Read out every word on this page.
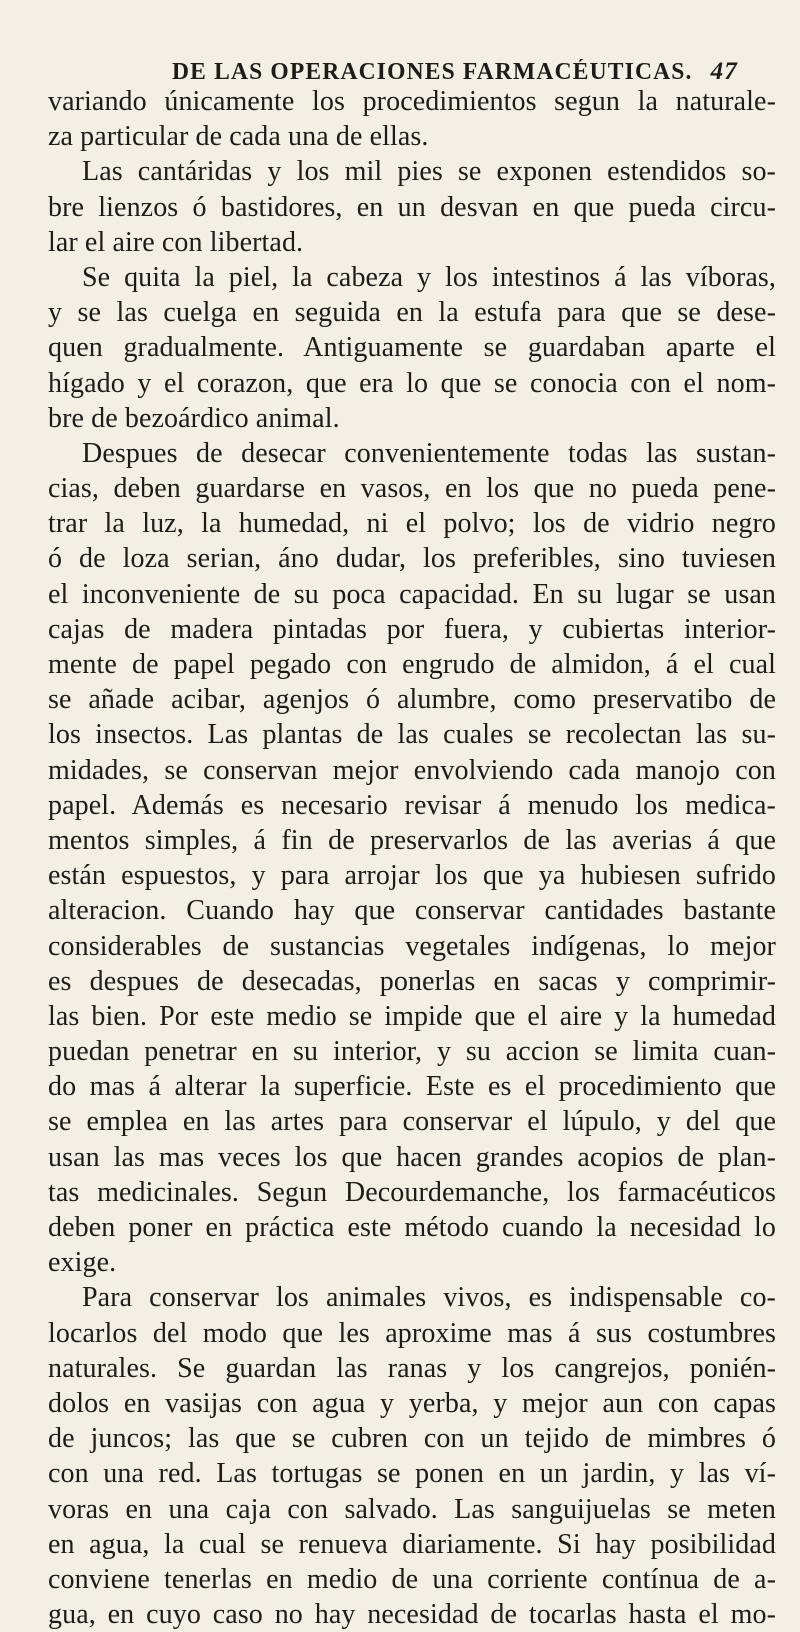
DE LAS OPERACIONES FARMACÉUTICAS. 47
variando únicamente los procedimientos segun la naturale-
za particular de cada una de ellas.
Las cantáridas y los mil pies se exponen estendidos so-
bre lienzos ó bastidores, en un desvan en que pueda circu-
lar el aire con libertad.
Se quita la piel, la cabeza y los intestinos á las víboras,
y se las cuelga en seguida en la estufa para que se dese-
quen gradualmente. Antiguamente se guardaban aparte el
hígado y el corazon, que era lo que se conocia con el nom-
bre de bezoárdico animal.
Despues de desecar convenientemente todas las sustan-
cias, deben guardarse en vasos, en los que no pueda pene-
trar la luz, la humedad, ni el polvo; los de vidrio negro
ó de loza serian, áno dudar, los preferibles, sino tuviesen
el inconveniente de su poca capacidad. En su lugar se usan
cajas de madera pintadas por fuera, y cubiertas interior-
mente de papel pegado con engrudo de almidon, á el cual
se añade acibar, agenjos ó alumbre, como preservatibo de
los insectos. Las plantas de las cuales se recolectan las su-
midades, se conservan mejor envolviendo cada manojo con
papel. Además es necesario revisar á menudo los medica-
mentos simples, á fin de preservarlos de las averias á que
están espuestos, y para arrojar los que ya hubiesen sufrido
alteracion. Cuando hay que conservar cantidades bastante
considerables de sustancias vegetales indígenas, lo mejor
es despues de desecadas, ponerlas en sacas y comprimir-
las bien. Por este medio se impide que el aire y la humedad
puedan penetrar en su interior, y su accion se limita cuan-
do mas á alterar la superficie. Este es el procedimiento que
se emplea en las artes para conservar el lúpulo, y del que
usan las mas veces los que hacen grandes acopios de plan-
tas medicinales. Segun Decourdemanche, los farmacéuticos
deben poner en práctica este método cuando la necesidad lo
exige.
Para conservar los animales vivos, es indispensable co-
locarlos del modo que les aproxime mas á sus costumbres
naturales. Se guardan las ranas y los cangrejos, ponién-
dolos en vasijas con agua y yerba, y mejor aun con capas
de juncos; las que se cubren con un tejido de mimbres ó
con una red. Las tortugas se ponen en un jardin, y las ví-
voras en una caja con salvado. Las sanguijuelas se meten
en agua, la cual se renueva diariamente. Si hay posibilidad
conviene tenerlas en medio de una corriente contínua de a-
gua, en cuyo caso no hay necesidad de tocarlas hasta el mo-
